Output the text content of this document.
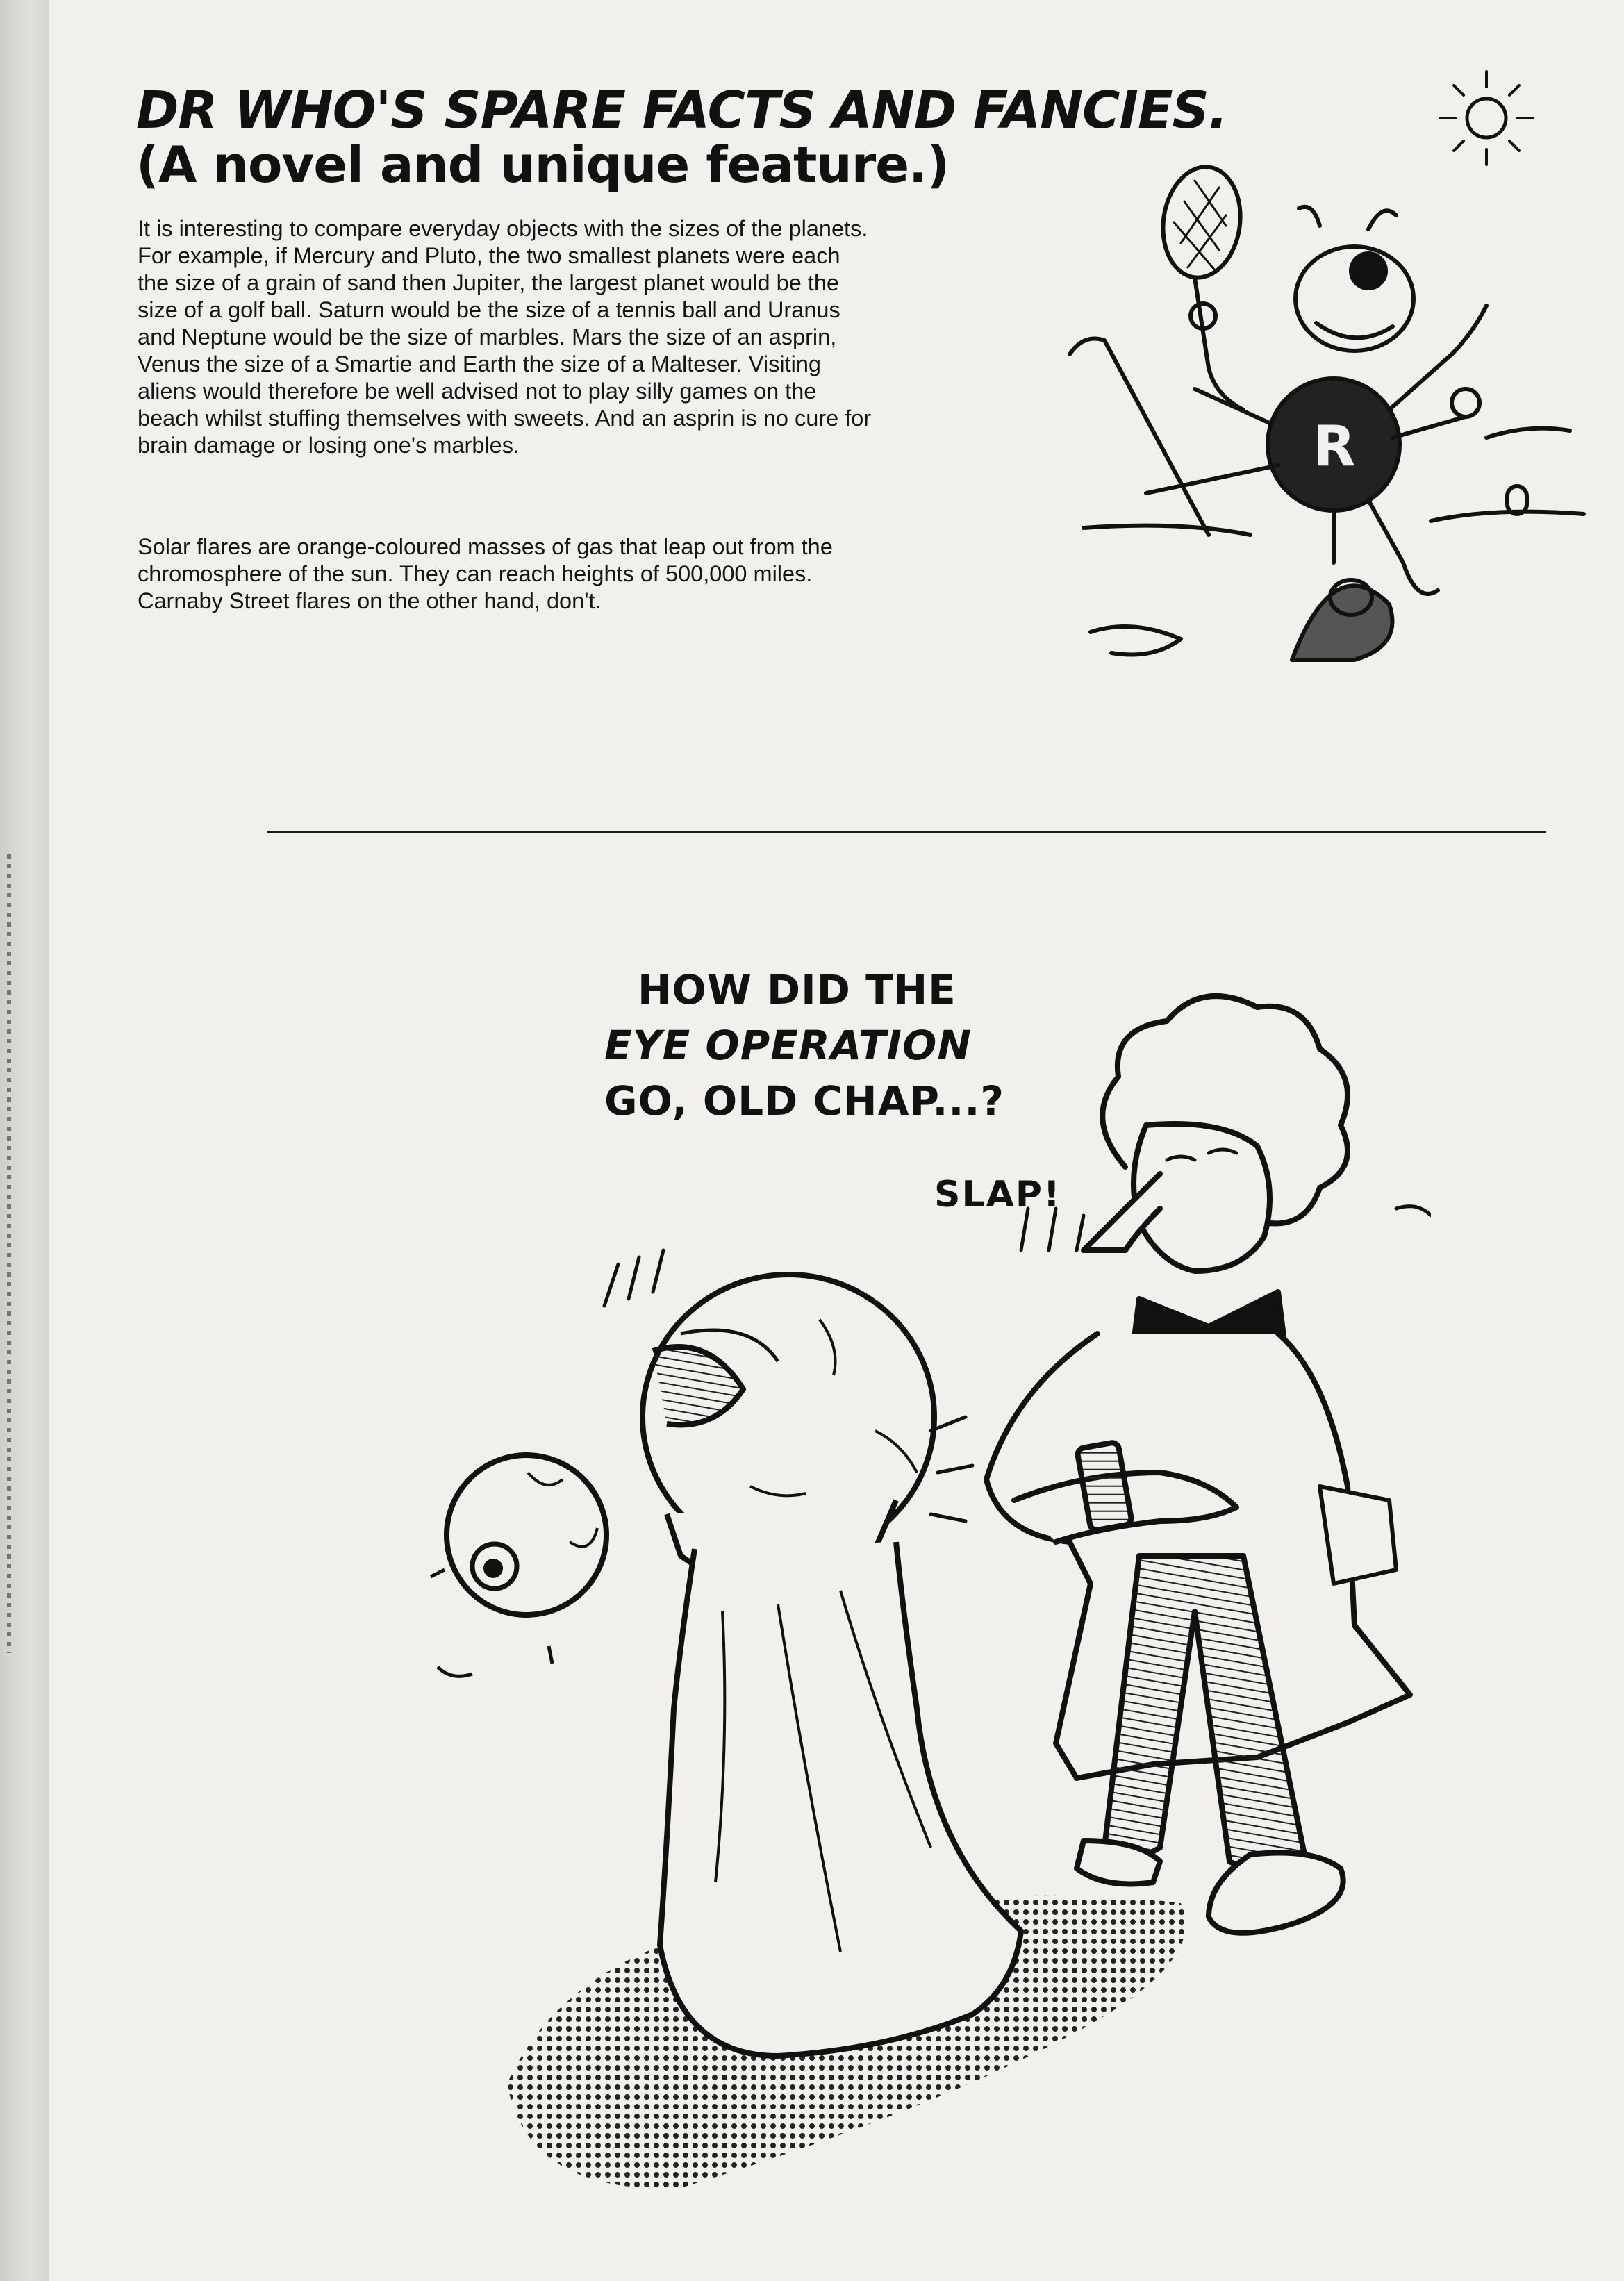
DR WHO'S SPARE FACTS AND FANCIES.
(A novel and unique feature.)

It is interesting to compare everyday objects with the sizes of the planets. For example, if Mercury and Pluto, the two smallest planets were each the size of a grain of sand then Jupiter, the largest planet would be the size of a golf ball. Saturn would be the size of a tennis ball and Uranus and Neptune would be the size of marbles. Mars the size of an asprin, Venus the size of a Smartie and Earth the size of a Malteser. Visiting aliens would therefore be well advised not to play silly games on the beach whilst stuffing themselves with sweets. And an asprin is no cure for brain damage or losing one's marbles.

Solar flares are orange-coloured masses of gas that leap out from the chromosphere of the sun. They can reach heights of 500,000 miles. Carnaby Street flares on the other hand, don't.

R
HOW DID THE
EYE OPERATION
GO, OLD CHAP...?
SLAP!
